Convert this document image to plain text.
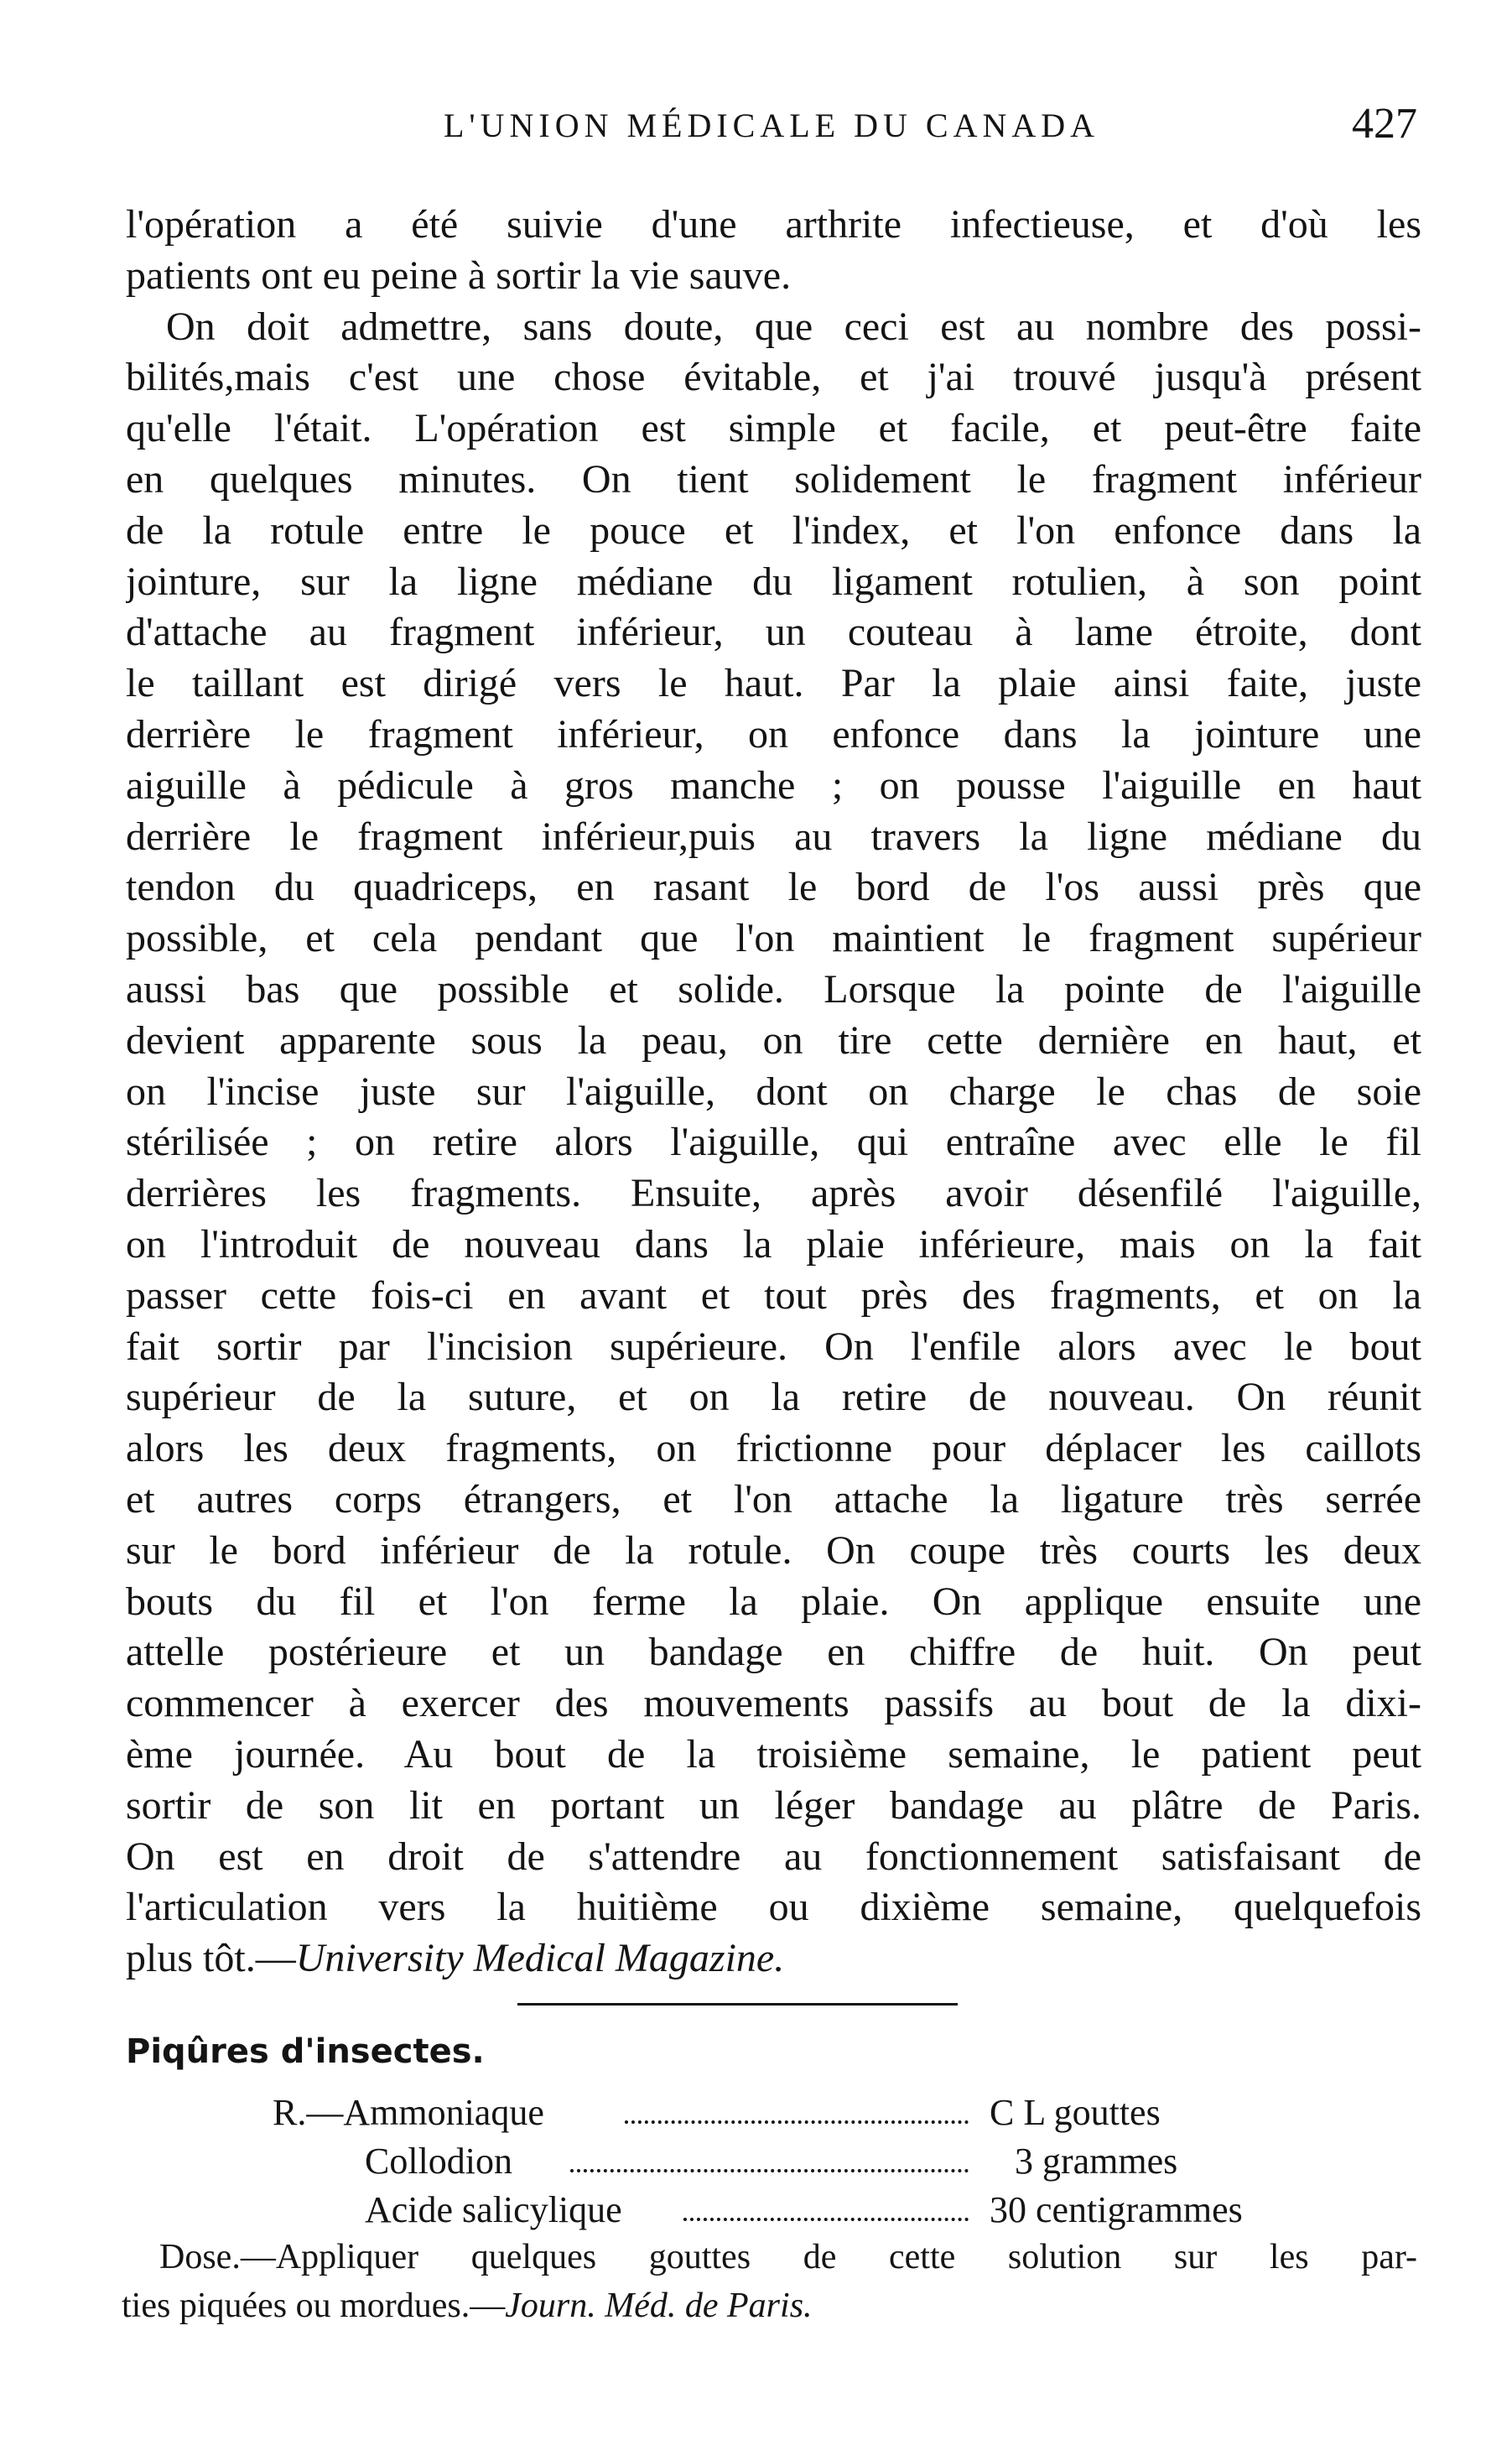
L'UNION MÉDICALE DU CANADA	427
l'opération a été suivie d'une arthrite infectieuse, et d'où les
patients ont eu peine à sortir la vie sauve.
On doit admettre, sans doute, que ceci est au nombre des possi-
bilités,mais c'est une chose évitable, et j'ai trouvé jusqu'à présent
qu'elle l'était. L'opération est simple et facile, et peut-être faite
en quelques minutes. On tient solidement le fragment inférieur
de la rotule entre le pouce et l'index, et l'on enfonce dans la
jointure, sur la ligne médiane du ligament rotulien, à son point
d'attache au fragment inférieur, un couteau à lame étroite, dont
le taillant est dirigé vers le haut. Par la plaie ainsi faite, juste
derrière le fragment inférieur, on enfonce dans la jointure une
aiguille à pédicule à gros manche ; on pousse l'aiguille en haut
derrière le fragment inférieur,puis au travers la ligne médiane du
tendon du quadriceps, en rasant le bord de l'os aussi près que
possible, et cela pendant que l'on maintient le fragment supérieur
aussi bas que possible et solide. Lorsque la pointe de l'aiguille
devient apparente sous la peau, on tire cette dernière en haut, et
on l'incise juste sur l'aiguille, dont on charge le chas de soie
stérilisée ; on retire alors l'aiguille, qui entraîne avec elle le fil
derrières les fragments. Ensuite, après avoir désenfilé l'aiguille,
on l'introduit de nouveau dans la plaie inférieure, mais on la fait
passer cette fois-ci en avant et tout près des fragments, et on la
fait sortir par l'incision supérieure. On l'enfile alors avec le bout
supérieur de la suture, et on la retire de nouveau. On réunit
alors les deux fragments, on frictionne pour déplacer les caillots
et autres corps étrangers, et l'on attache la ligature très serrée
sur le bord inférieur de la rotule. On coupe très courts les deux
bouts du fil et l'on ferme la plaie. On applique ensuite une
attelle postérieure et un bandage en chiffre de huit. On peut
commencer à exercer des mouvements passifs au bout de la dixi-
ème journée. Au bout de la troisième semaine, le patient peut
sortir de son lit en portant un léger bandage au plâtre de Paris.
On est en droit de s'attendre au fonctionnement satisfaisant de
l'articulation vers la huitième ou dixième semaine, quelquefois
plus tôt.—University Medical Magazine.
Piqûres d'insectes.
R.—Ammoniaque	C L gouttes
Collodion	3 grammes
Acide salicylique	30 centigrammes
Dose.—Appliquer quelques gouttes de cette solution sur les par-
ties piquées ou mordues.—Journ. Méd. de Paris.
